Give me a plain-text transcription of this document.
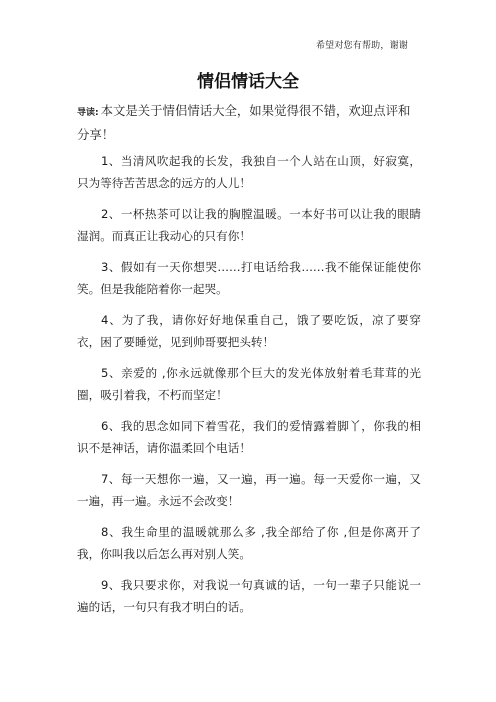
希望对您有帮助，谢谢
情侣情话大全
导读: 本文是关于情侣情话大全，如果觉得很不错，欢迎点评和分享！

1、当清风吹起我的长发，我独自一个人站在山顶，好寂寞，只为等待苦苦思念的远方的人儿！

2、一杯热茶可以让我的胸膛温暖。一本好书可以让我的眼睛湿润。而真正让我动心的只有你！

3、假如有一天你想哭……打电话给我……我不能保证能使你笑。但是我能陪着你一起哭。

4、为了我，请你好好地保重自己，饿了要吃饭，凉了要穿衣，困了要睡觉，见到帅哥要把头转！

5、亲爱的 ,你永远就像那个巨大的发光体放射着毛茸茸的光圈，吸引着我，不朽而坚定！

6、我的思念如同下着雪花，我们的爱情露着脚丫，你我的相识不是神话，请你温柔回个电话！

7、每一天想你一遍，又一遍，再一遍。每一天爱你一遍，又一遍，再一遍。永远不会改变！

8、我生命里的温暖就那么多 ,我全部给了你 ,但是你离开了我，你叫我以后怎么再对别人笑。

9、我只要求你，对我说一句真诚的话，一句一辈子只能说一遍的话，一句只有我才明白的话。
